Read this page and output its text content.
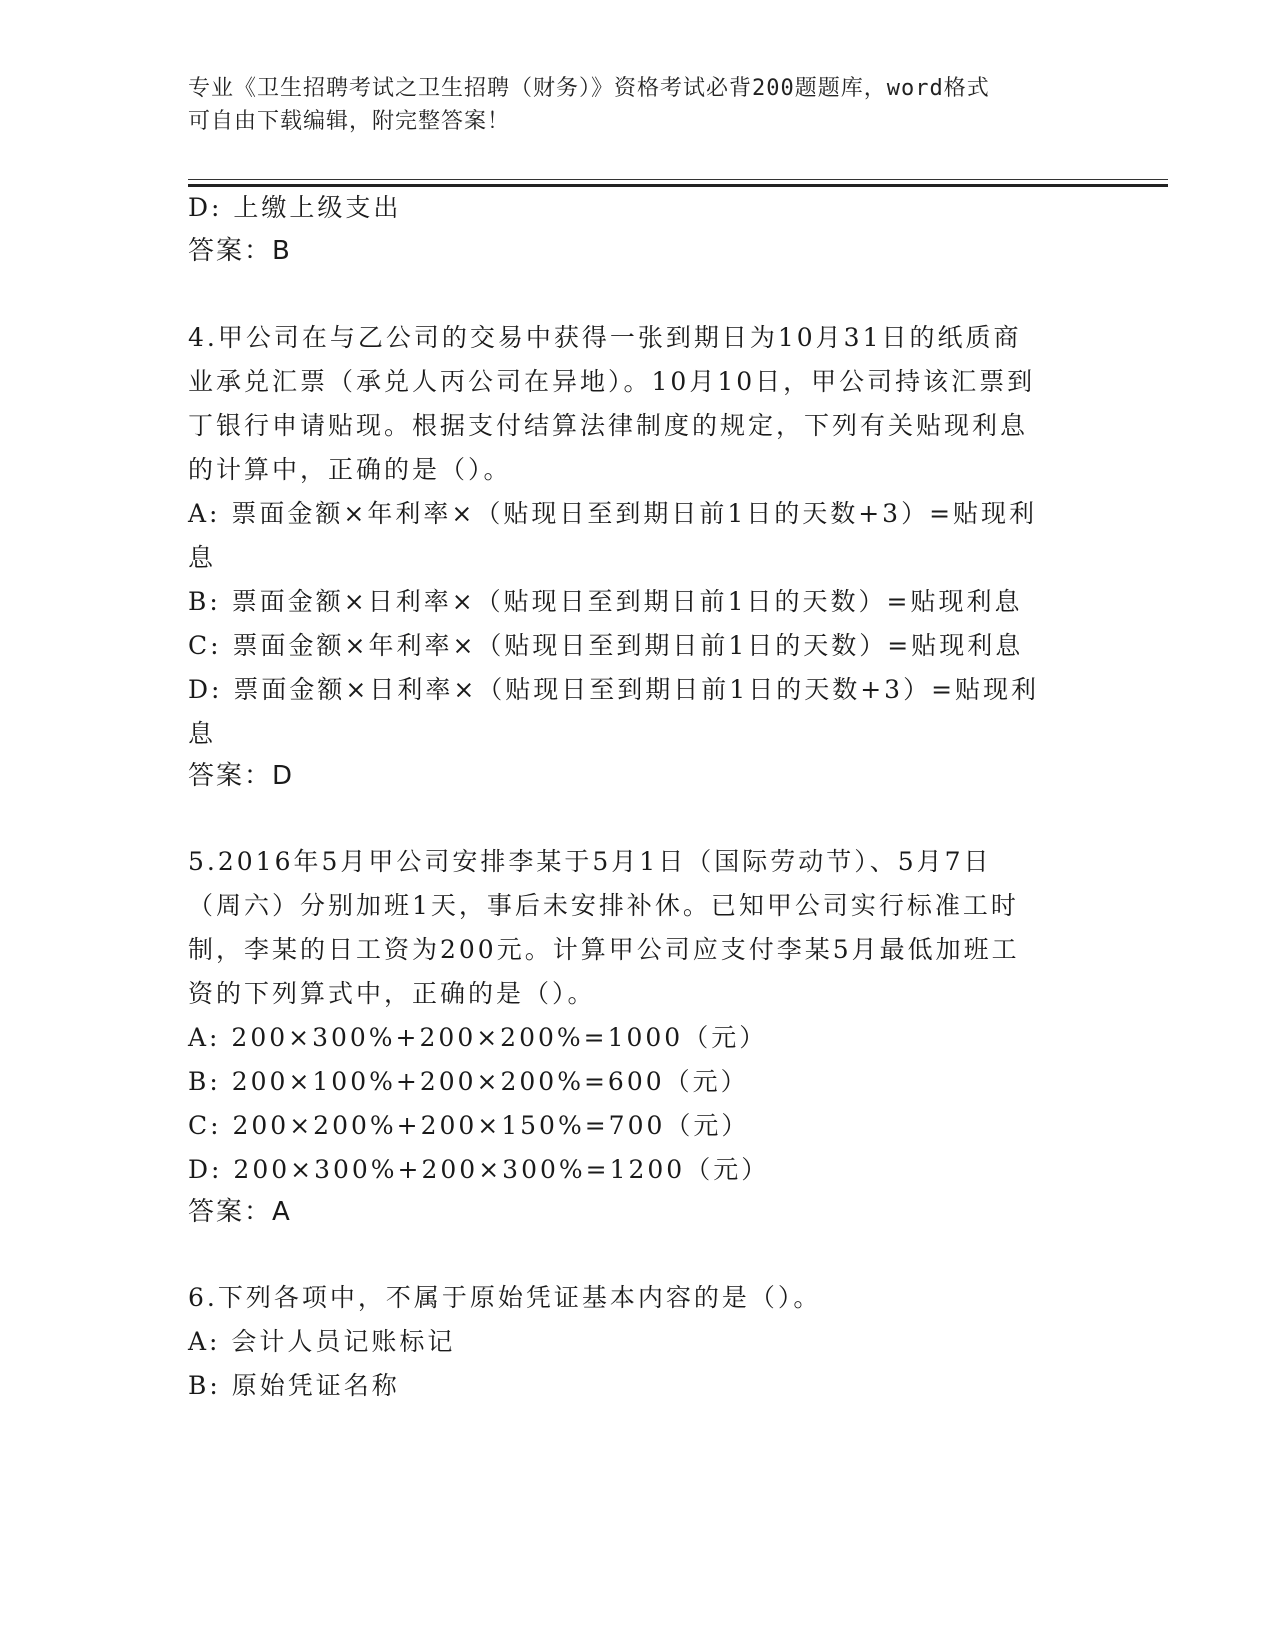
专业《卫生招聘考试之卫生招聘（财务）》资格考试必背200题题库，word格式
可自由下载编辑，附完整答案！
D: 上缴上级支出
答案：B
4.甲公司在与乙公司的交易中获得一张到期日为10月31日的纸质商
业承兑汇票（承兑人丙公司在异地）。10月10日，甲公司持该汇票到
丁银行申请贴现。根据支付结算法律制度的规定，下列有关贴现利息
的计算中，正确的是（）。
A: 票面金额×年利率×（贴现日至到期日前1日的天数+3）=贴现利
息
B: 票面金额×日利率×（贴现日至到期日前1日的天数）=贴现利息
C: 票面金额×年利率×（贴现日至到期日前1日的天数）=贴现利息
D: 票面金额×日利率×（贴现日至到期日前1日的天数+3）=贴现利
息
答案：D
5.2016年5月甲公司安排李某于5月1日（国际劳动节）、5月7日
（周六）分别加班1天，事后未安排补休。已知甲公司实行标准工时
制，李某的日工资为200元。计算甲公司应支付李某5月最低加班工
资的下列算式中，正确的是（）。
A: 200×300%+200×200%=1000（元）
B: 200×100%+200×200%=600（元）
C: 200×200%+200×150%=700（元）
D: 200×300%+200×300%=1200（元）
答案：A
6.下列各项中，不属于原始凭证基本内容的是（）。
A: 会计人员记账标记
B: 原始凭证名称
